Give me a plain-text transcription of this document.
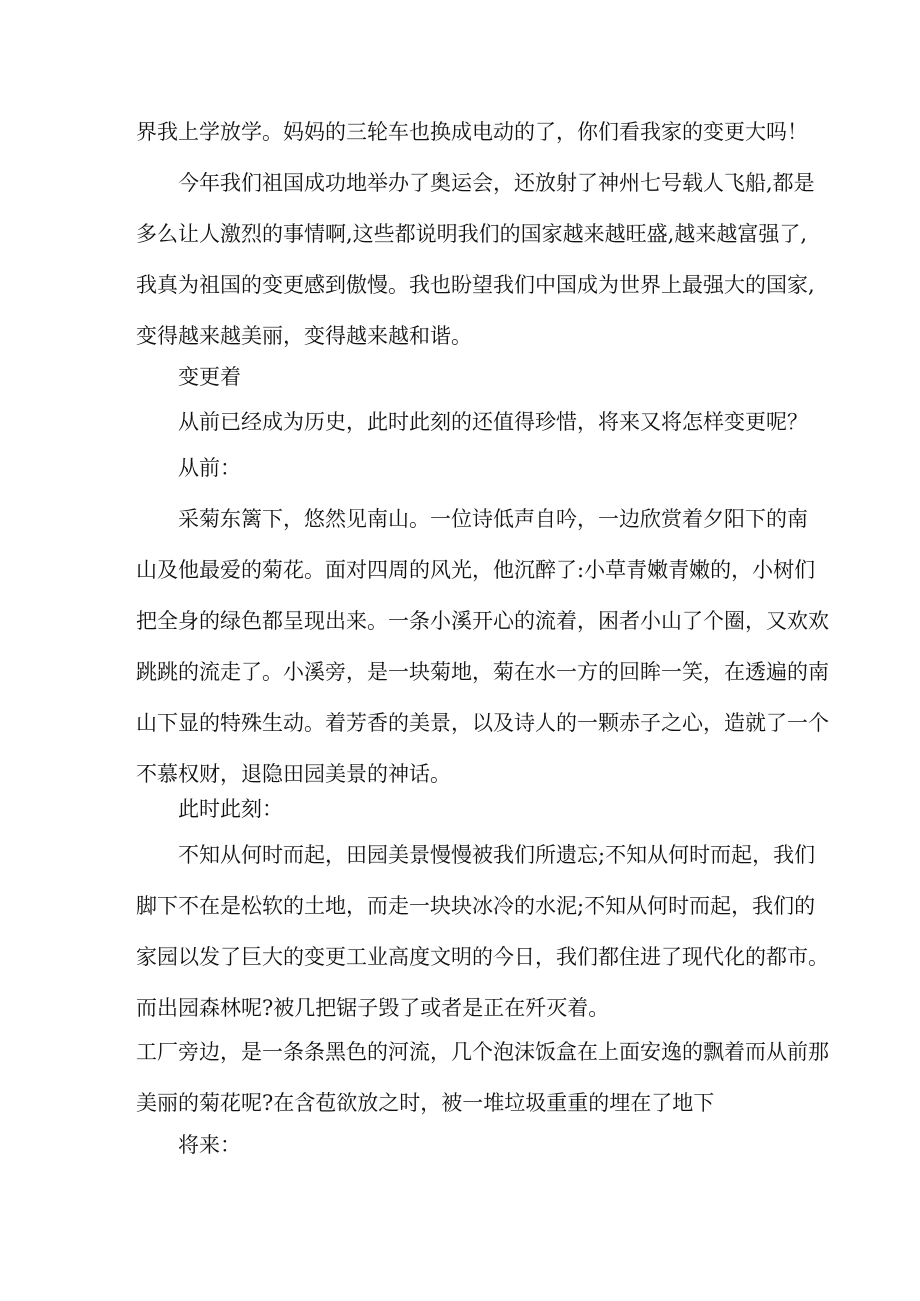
界我上学放学。妈妈的三轮车也换成电动的了，你们看我家的变更大吗！
今年我们祖国成功地举办了奥运会，还放射了神州七号载人飞船,都是
多么让人激烈的事情啊,这些都说明我们的国家越来越旺盛,越来越富强了,
我真为祖国的变更感到傲慢。我也盼望我们中国成为世界上最强大的国家,
变得越来越美丽，变得越来越和谐。
变更着
从前已经成为历史，此时此刻的还值得珍惜，将来又将怎样变更呢？
从前：
采菊东篱下，悠然见南山。一位诗低声自吟，一边欣赏着夕阳下的南
山及他最爱的菊花。面对四周的风光，他沉醉了:小草青嫩青嫩的，小树们
把全身的绿色都呈现出来。一条小溪开心的流着，困者小山了个圈，又欢欢
跳跳的流走了。小溪旁，是一块菊地，菊在水一方的回眸一笑，在透遍的南
山下显的特殊生动。着芳香的美景，以及诗人的一颗赤子之心，造就了一个
不慕权财，退隐田园美景的神话。
此时此刻：
不知从何时而起，田园美景慢慢被我们所遗忘;不知从何时而起，我们
脚下不在是松软的土地，而走一块块冰冷的水泥;不知从何时而起，我们的
家园以发了巨大的变更工业高度文明的今日，我们都住进了现代化的都市。
而出园森林呢?被几把锯子毁了或者是正在歼灭着。
工厂旁边，是一条条黑色的河流，几个泡沫饭盒在上面安逸的飘着而从前那
美丽的菊花呢?在含苞欲放之时，被一堆垃圾重重的埋在了地下
将来：
